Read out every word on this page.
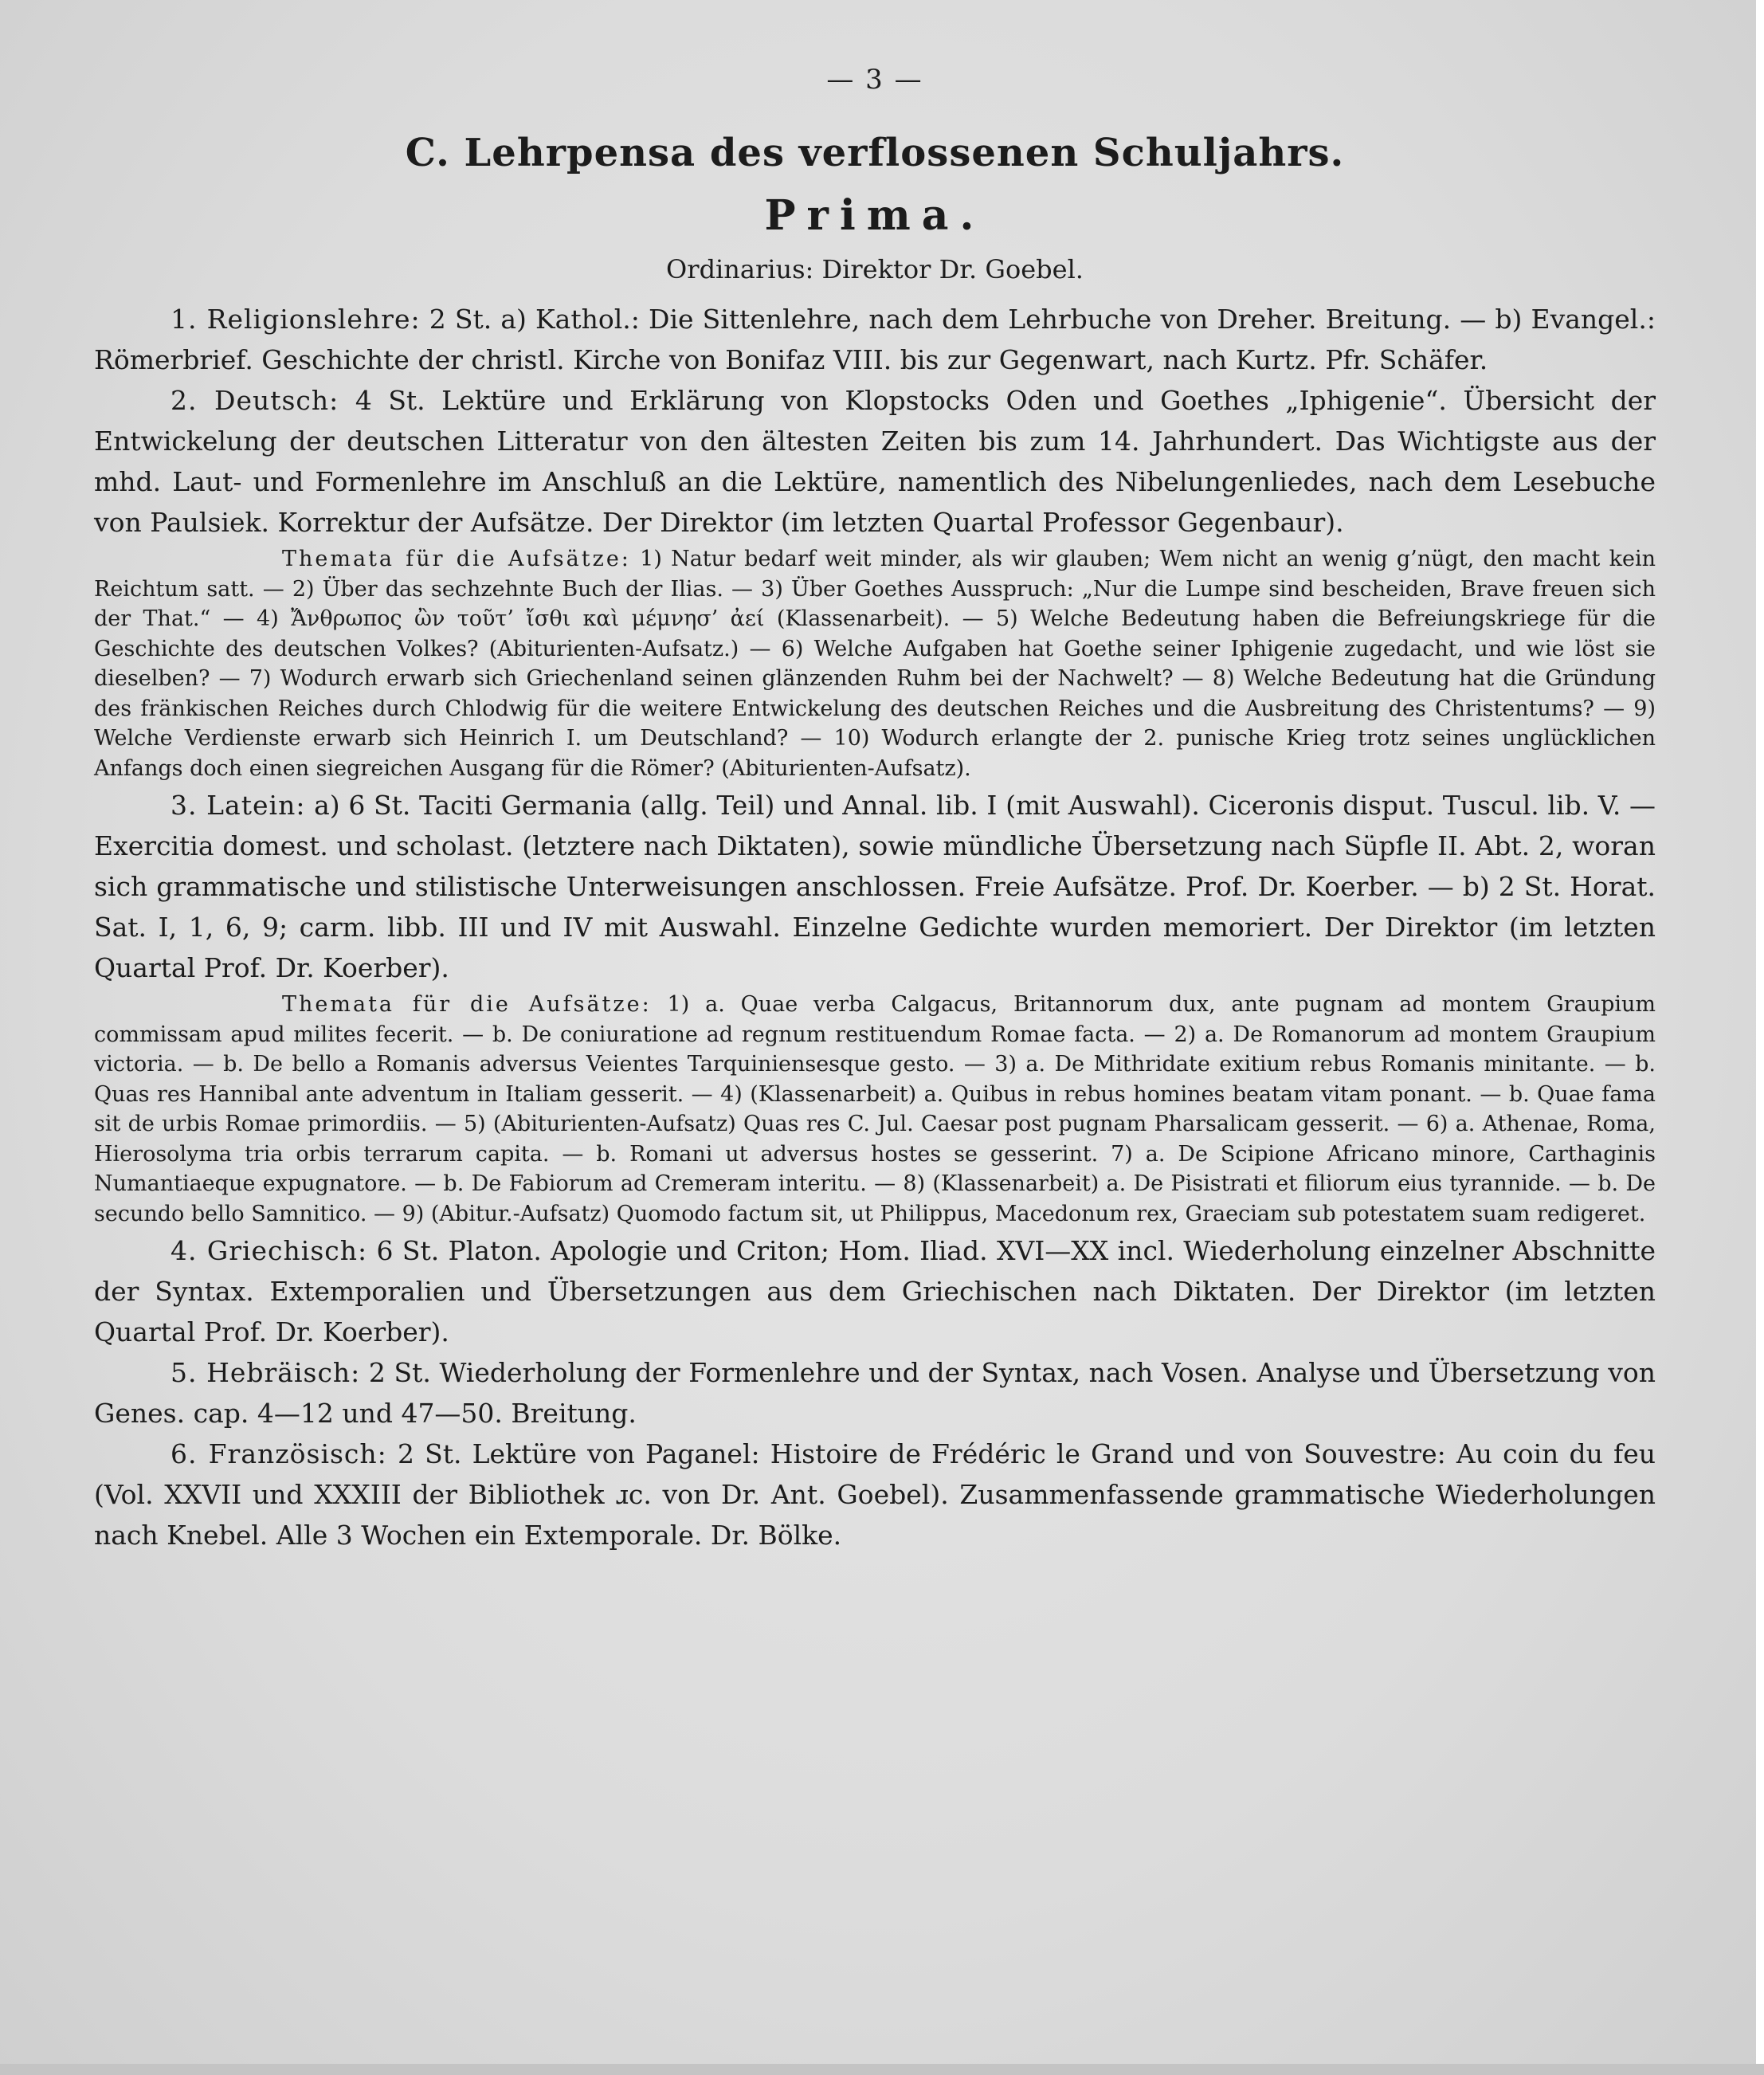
— 3 —
C. Lehrpensa des verflossenen Schuljahrs.
Prima.
Ordinarius: Direktor Dr. Goebel.

1. Religionslehre: 2 St. a) Kathol.: Die Sittenlehre, nach dem Lehrbuche von Dreher. Breitung. — b) Evangel.: Römerbrief. Geschichte der christl. Kirche von Bonifaz VIII. bis zur Gegenwart, nach Kurtz. Pfr. Schäfer.

2. Deutsch: 4 St. Lektüre und Erklärung von Klopstocks Oden und Goethes „Iphigenie“. Übersicht der Entwickelung der deutschen Litteratur von den ältesten Zeiten bis zum 14. Jahrhundert. Das Wichtigste aus der mhd. Laut- und Formenlehre im Anschluß an die Lektüre, namentlich des Nibelungenliedes, nach dem Lesebuche von Paulsiek. Korrektur der Aufsätze. Der Direktor (im letzten Quartal Professor Gegenbaur).

Themata für die Aufsätze: 1) Natur bedarf weit minder, als wir glauben; Wem nicht an wenig g’nügt, den macht kein Reichtum satt. — 2) Über das sechzehnte Buch der Ilias. — 3) Über Goethes Ausspruch: „Nur die Lumpe sind bescheiden, Brave freuen sich der That.“ — 4) Ἄνθρωπος ὢν τοῦτ’ ἴσθι καὶ μέμνησ’ ἀεί (Klassenarbeit). — 5) Welche Bedeutung haben die Befreiungskriege für die Geschichte des deutschen Volkes? (Abiturienten-Aufsatz.) — 6) Welche Aufgaben hat Goethe seiner Iphigenie zugedacht, und wie löst sie dieselben? — 7) Wodurch erwarb sich Griechenland seinen glänzenden Ruhm bei der Nachwelt? — 8) Welche Bedeutung hat die Gründung des fränkischen Reiches durch Chlodwig für die weitere Entwickelung des deutschen Reiches und die Ausbreitung des Christentums? — 9) Welche Verdienste erwarb sich Heinrich I. um Deutschland? — 10) Wodurch erlangte der 2. punische Krieg trotz seines unglücklichen Anfangs doch einen siegreichen Ausgang für die Römer? (Abiturienten-Aufsatz).

3. Latein: a) 6 St. Taciti Germania (allg. Teil) und Annal. lib. I (mit Auswahl). Ciceronis disput. Tuscul. lib. V. — Exercitia domest. und scholast. (letztere nach Diktaten), sowie mündliche Übersetzung nach Süpfle II. Abt. 2, woran sich grammatische und stilistische Unterweisungen anschlossen. Freie Aufsätze. Prof. Dr. Koerber. — b) 2 St. Horat. Sat. I, 1, 6, 9; carm. libb. III und IV mit Auswahl. Einzelne Gedichte wurden memoriert. Der Direktor (im letzten Quartal Prof. Dr. Koerber).

Themata für die Aufsätze: 1) a. Quae verba Calgacus, Britannorum dux, ante pugnam ad montem Graupium commissam apud milites fecerit. — b. De coniuratione ad regnum restituendum Romae facta. — 2) a. De Romanorum ad montem Graupium victoria. — b. De bello a Romanis adversus Veientes Tarquiniensesque gesto. — 3) a. De Mithridate exitium rebus Romanis minitante. — b. Quas res Hannibal ante adventum in Italiam gesserit. — 4) (Klassenarbeit) a. Quibus in rebus homines beatam vitam ponant. — b. Quae fama sit de urbis Romae primordiis. — 5) (Abiturienten-Aufsatz) Quas res C. Jul. Caesar post pugnam Pharsalicam gesserit. — 6) a. Athenae, Roma, Hierosolyma tria orbis terrarum capita. — b. Romani ut adversus hostes se gesserint. 7) a. De Scipione Africano minore, Carthaginis Numantiaeque expugnatore. — b. De Fabiorum ad Cremeram interitu. — 8) (Klassenarbeit) a. De Pisistrati et filiorum eius tyrannide. — b. De secundo bello Samnitico. — 9) (Abitur.-Aufsatz) Quomodo factum sit, ut Philippus, Macedonum rex, Graeciam sub potestatem suam redigeret.

4. Griechisch: 6 St. Platon. Apologie und Criton; Hom. Iliad. XVI—XX incl. Wiederholung einzelner Abschnitte der Syntax. Extemporalien und Übersetzungen aus dem Griechischen nach Diktaten. Der Direktor (im letzten Quartal Prof. Dr. Koerber).

5. Hebräisch: 2 St. Wiederholung der Formenlehre und der Syntax, nach Vosen. Analyse und Übersetzung von Genes. cap. 4—12 und 47—50. Breitung.

6. Französisch: 2 St. Lektüre von Paganel: Histoire de Frédéric le Grand und von Souvestre: Au coin du feu (Vol. XXVII und XXXIII der Bibliothek ɹc. von Dr. Ant. Goebel). Zusammenfassende grammatische Wiederholungen nach Knebel. Alle 3 Wochen ein Extemporale. Dr. Bölke.
